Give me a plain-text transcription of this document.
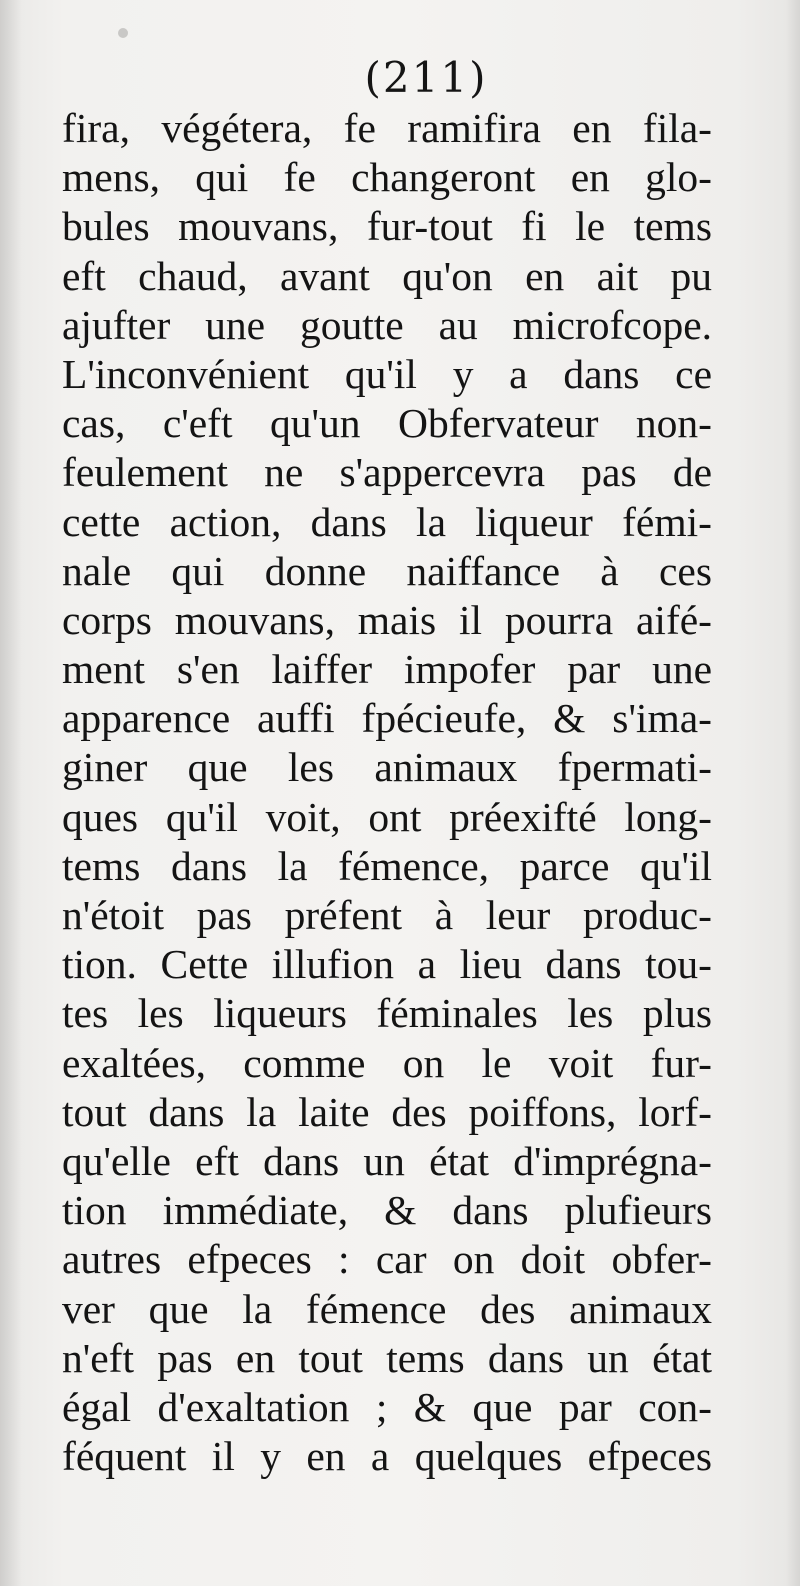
(211)
fira, végétera, fe ramifira en fila-
mens, qui fe changeront en glo-
bules mouvans, fur-tout fi le tems
eft chaud, avant qu'on en ait pu
ajufter une goutte au microfcope.
L'inconvénient qu'il y a dans ce
cas, c'eft qu'un Obfervateur non-
feulement ne s'appercevra pas de
cette action, dans la liqueur fémi-
nale qui donne naiffance à ces
corps mouvans, mais il pourra aifé-
ment s'en laiffer impofer par une
apparence auffi fpécieufe, & s'ima-
giner que les animaux fpermati-
ques qu'il voit, ont préexifté long-
tems dans la fémence, parce qu'il
n'étoit pas préfent à leur produc-
tion. Cette illufion a lieu dans tou-
tes les liqueurs féminales les plus
exaltées, comme on le voit fur-
tout dans la laite des poiffons, lorf-
qu'elle eft dans un état d'imprégna-
tion immédiate, & dans plufieurs
autres efpeces : car on doit obfer-
ver que la fémence des animaux
n'eft pas en tout tems dans un état
égal d'exaltation ; & que par con-
féquent il y en a quelques efpeces
